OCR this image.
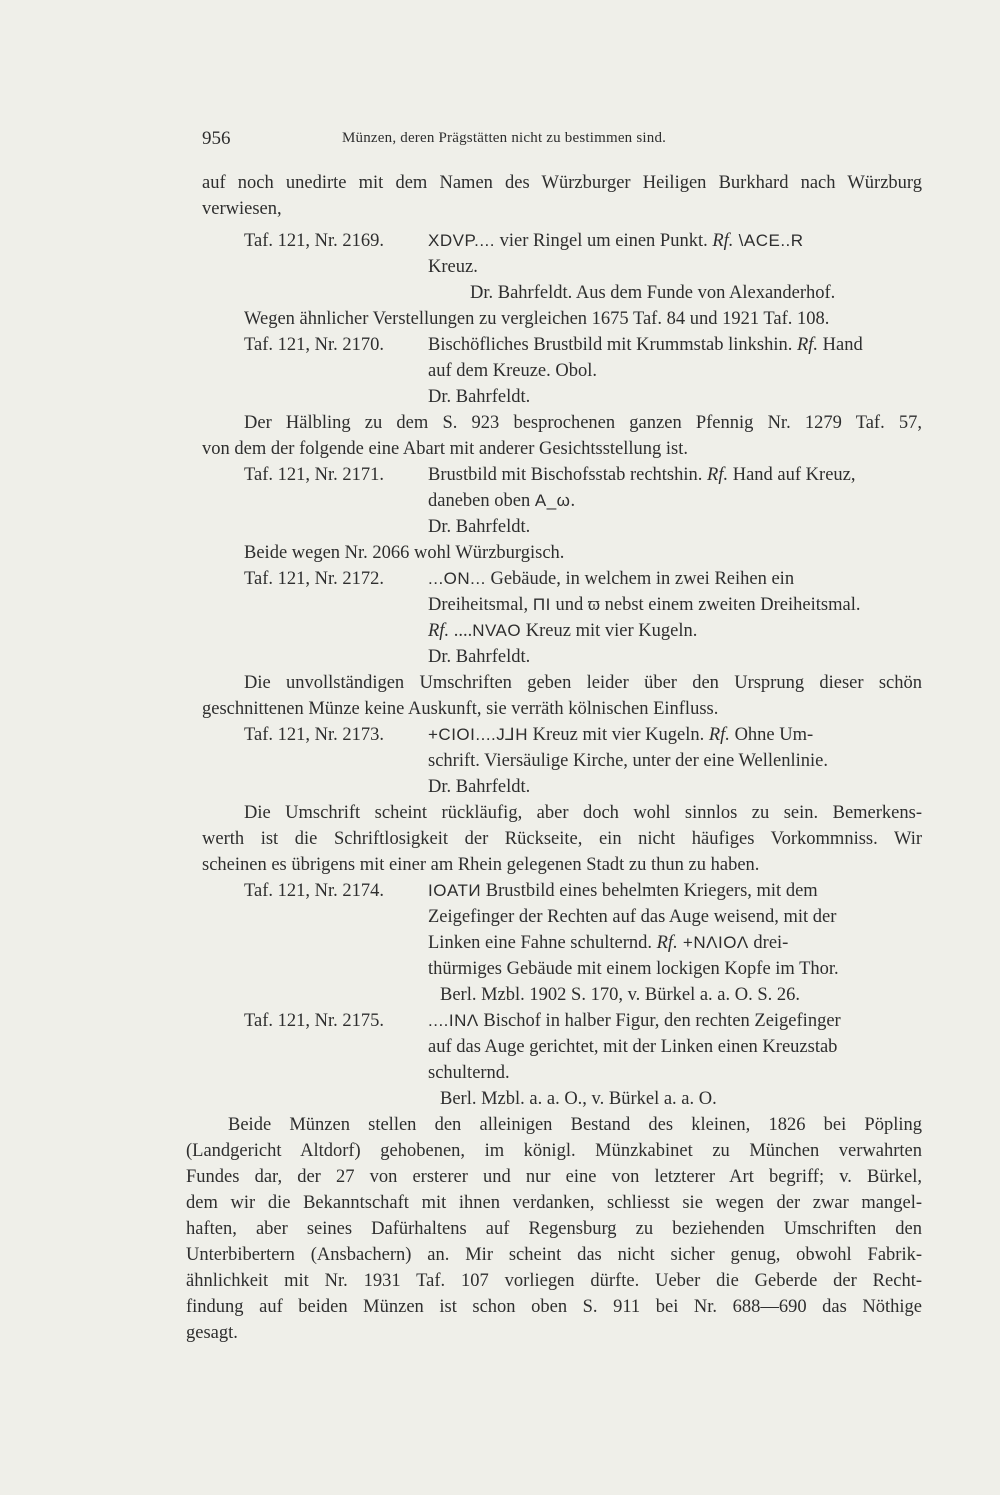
956	Münzen, deren Prägstätten nicht zu bestimmen sind.
auf noch unedirte mit dem Namen des Würzburger Heiligen Burkhard nach Würzburg
verwiesen,
Taf. 121, Nr. 2169.	XDVP.... vier Ringel um einen Punkt. Rf. \ACE..R
Kreuz.
Dr. Bahrfeldt. Aus dem Funde von Alexanderhof.
Wegen ähnlicher Verstellungen zu vergleichen 1675 Taf. 84 und 1921 Taf. 108.
Taf. 121, Nr. 2170. Bischöfliches Brustbild mit Krummstab linkshin. Rf. Hand
auf dem Kreuze. Obol.
Dr. Bahrfeldt.
Der Hälbling zu dem S. 923 besprochenen ganzen Pfennig Nr. 1279 Taf. 57,
von dem der folgende eine Abart mit anderer Gesichtsstellung ist.
Taf. 121, Nr. 2171. Brustbild mit Bischofsstab rechtshin. Rf. Hand auf Kreuz,
daneben oben A_ω.
Dr. Bahrfeldt.
Beide wegen Nr. 2066 wohl Würzburgisch.
Taf. 121, Nr. 2172.	...ON... Gebäude, in welchem in zwei Reihen ein
Dreiheitsmal, ΠΙ und ϖ nebst einem zweiten Dreiheitsmal.
Rf. ....NVAO Kreuz mit vier Kugeln.
Dr. Bahrfeldt.
Die unvollständigen Umschriften geben leider über den Ursprung dieser schön
geschnittenen Münze keine Auskunft, sie verräth kölnischen Einfluss.
Taf. 121, Nr. 2173.	+CIOI....J⅃H Kreuz mit vier Kugeln. Rf. Ohne Um-
schrift. Viersäulige Kirche, unter der eine Wellenlinie.
Dr. Bahrfeldt.
Die Umschrift scheint rückläufig, aber doch wohl sinnlos zu sein. Bemerkens-
werth ist die Schriftlosigkeit der Rückseite, ein nicht häufiges Vorkommniss. Wir
scheinen es übrigens mit einer am Rhein gelegenen Stadt zu thun zu haben.
Taf. 121, Nr. 2174.	IOATИ Brustbild eines behelmten Kriegers, mit dem
Zeigefinger der Rechten auf das Auge weisend, mit der
Linken eine Fahne schulternd. Rf. +NΛIOΛ drei-
thürmiges Gebäude mit einem lockigen Kopfe im Thor.
Berl. Mzbl. 1902 S. 170, v. Bürkel a. a. O. S. 26.
Taf. 121, Nr. 2175.	....INΛ Bischof in halber Figur, den rechten Zeigefinger
auf das Auge gerichtet, mit der Linken einen Kreuzstab
schulternd.
Berl. Mzbl. a. a. O., v. Bürkel a. a. O.
Beide Münzen stellen den alleinigen Bestand des kleinen, 1826 bei Pöpling
(Landgericht Altdorf) gehobenen, im königl. Münzkabinet zu München verwahrten
Fundes dar, der 27 von ersterer und nur eine von letzterer Art begriff; v. Bürkel,
dem wir die Bekanntschaft mit ihnen verdanken, schliesst sie wegen der zwar mangel-
haften, aber seines Dafürhaltens auf Regensburg zu beziehenden Umschriften den
Unterbibertern (Ansbachern) an. Mir scheint das nicht sicher genug, obwohl Fabrik-
ähnlichkeit mit Nr. 1931 Taf. 107 vorliegen dürfte. Ueber die Geberde der Recht-
findung auf beiden Münzen ist schon oben S. 911 bei Nr. 688—690 das Nöthige
gesagt.
